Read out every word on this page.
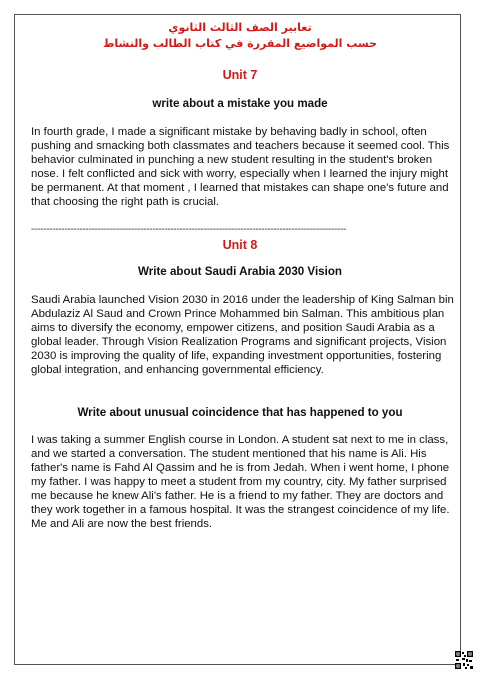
تعابير الصف الثالث الثانوي
حسب المواضيع المقررة في كتاب الطالب والنشاط
Unit 7
write about a mistake you made
In fourth grade, I made a significant mistake by behaving badly in school, often pushing and smacking both classmates and teachers because it seemed cool. This behavior culminated in punching a new student resulting in the student's broken nose. I felt conflicted and sick with worry, especially when I learned the injury might be permanent. At that moment , I learned that mistakes can shape one's future and that choosing the right path is crucial.
--------------------------------------------------------------------------------------------------------
Unit 8
Write about Saudi Arabia 2030 Vision
Saudi Arabia launched Vision 2030 in 2016 under the leadership of King Salman bin Abdulaziz Al Saud and Crown Prince Mohammed bin Salman. This ambitious plan aims to diversify the economy, empower citizens, and position Saudi Arabia as a global leader. Through Vision Realization Programs and significant projects, Vision 2030 is improving the quality of life, expanding investment opportunities, fostering global integration, and enhancing governmental efficiency.
Write about unusual coincidence that has happened to you
I was taking a summer English course in London. A student sat next to me in class, and we started a conversation. The student mentioned that his name is Ali. His father's name is Fahd Al Qassim and he is from Jedah. When i went home, I phone my father. I was happy to meet a student from my country, city. My father surprised me because he knew Ali's father. He is a friend to my father. They are doctors and they work together in a famous hospital. It was the strangest coincidence of my life. Me and Ali are now the best friends.
